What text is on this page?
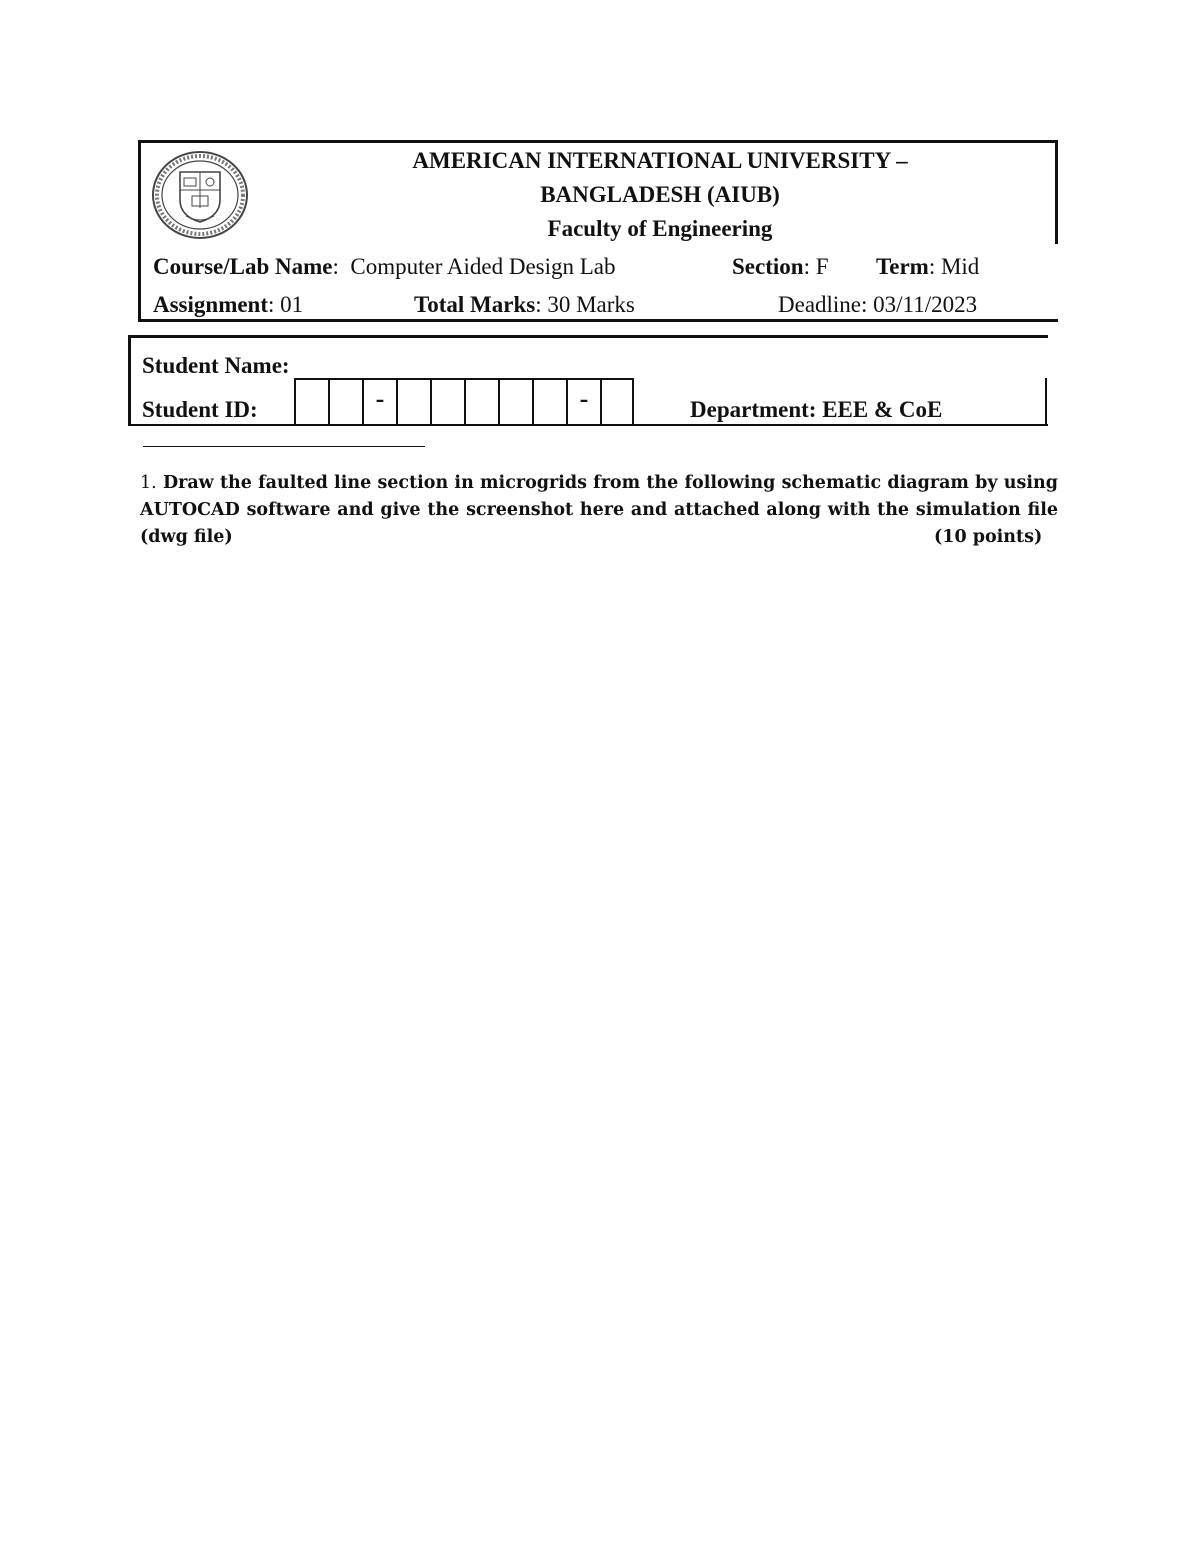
AMERICAN INTERNATIONAL UNIVERSITY –
BANGLADESH (AIUB)
Faculty of Engineering
Course/Lab Name:  Computer Aided Design Lab	Section: F Term: Mid
Assignment: 01	Total Marks: 30 Marks	Deadline: 03/11/2023
Student Name:
Student ID:	-	-	Department: EEE & CoE
1. Draw the faulted line section in microgrids from the following schematic diagram by using AUTOCAD software and give the screenshot here and attached along with the simulation file (dwg file)	(10 points)
